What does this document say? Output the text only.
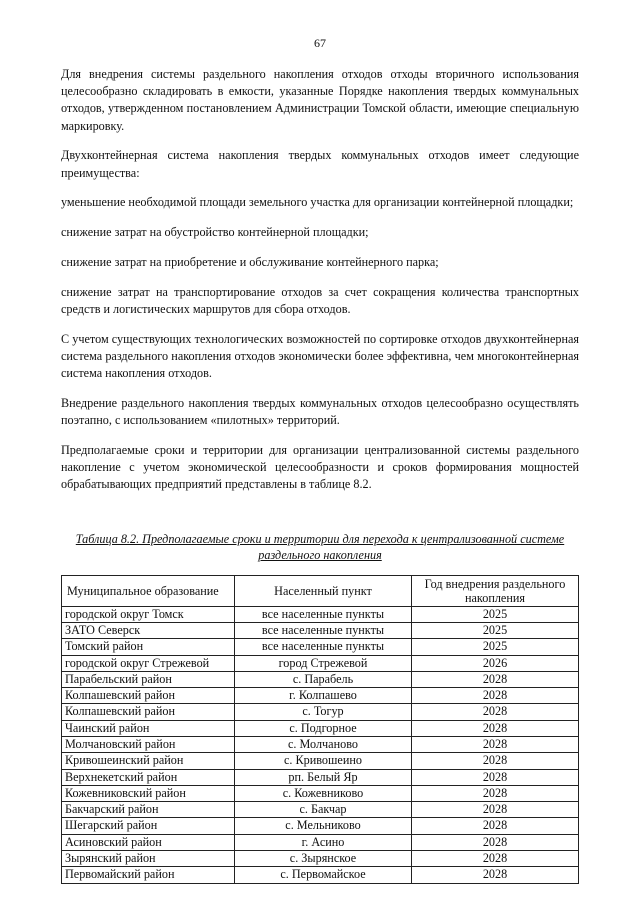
67

Для внедрения системы раздельного накопления отходов отходы вторичного использования целесообразно складировать в емкости, указанные Порядке накопления твердых коммунальных отходов, утвержденном постановлением Администрации Томской области, имеющие специальную маркировку.

Двухконтейнерная система накопления твердых коммунальных отходов имеет следующие преимущества:

уменьшение необходимой площади земельного участка для организации контейнерной площадки;

снижение затрат на обустройство контейнерной площадки;

снижение затрат на приобретение и обслуживание контейнерного парка;

снижение затрат на транспортирование отходов за счет сокращения количества транспортных средств и логистических маршрутов для сбора отходов.

С учетом существующих технологических возможностей по сортировке отходов двухконтейнерная система раздельного накопления отходов экономически более эффективна, чем многоконтейнерная система накопления отходов.

Внедрение раздельного накопления твердых коммунальных отходов целесообразно осуществлять поэтапно, с использованием «пилотных» территорий.

Предполагаемые сроки и территории для организации централизованной системы раздельного накопление с учетом экономической целесообразности и сроков формирования мощностей обрабатывающих предприятий представлены в таблице 8.2.

Таблица 8.2. Предполагаемые сроки и территории для перехода к централизованной системе раздельного накопления
Муниципальное образование	Населенный пункт	Год внедрения раздельного накопления
городской округ Томск	все населенные пункты	2025
ЗАТО Северск	все населенные пункты	2025
Томский район	все населенные пункты	2025
городской округ Стрежевой	город Стрежевой	2026
Парабельский район	с. Парабель	2028
Колпашевский район	г. Колпашево	2028
Колпашевский район	с. Тогур	2028
Чаинский район	с. Подгорное	2028
Молчановский район	с. Молчаново	2028
Кривошеинский район	с. Кривошеино	2028
Верхнекетский район	рп. Белый Яр	2028
Кожевниковский район	с. Кожевниково	2028
Бакчарский район	с. Бакчар	2028
Шегарский район	с. Мельниково	2028
Асиновский район	г. Асино	2028
Зырянский район	с. Зырянское	2028
Первомайский район	с. Первомайское	2028
